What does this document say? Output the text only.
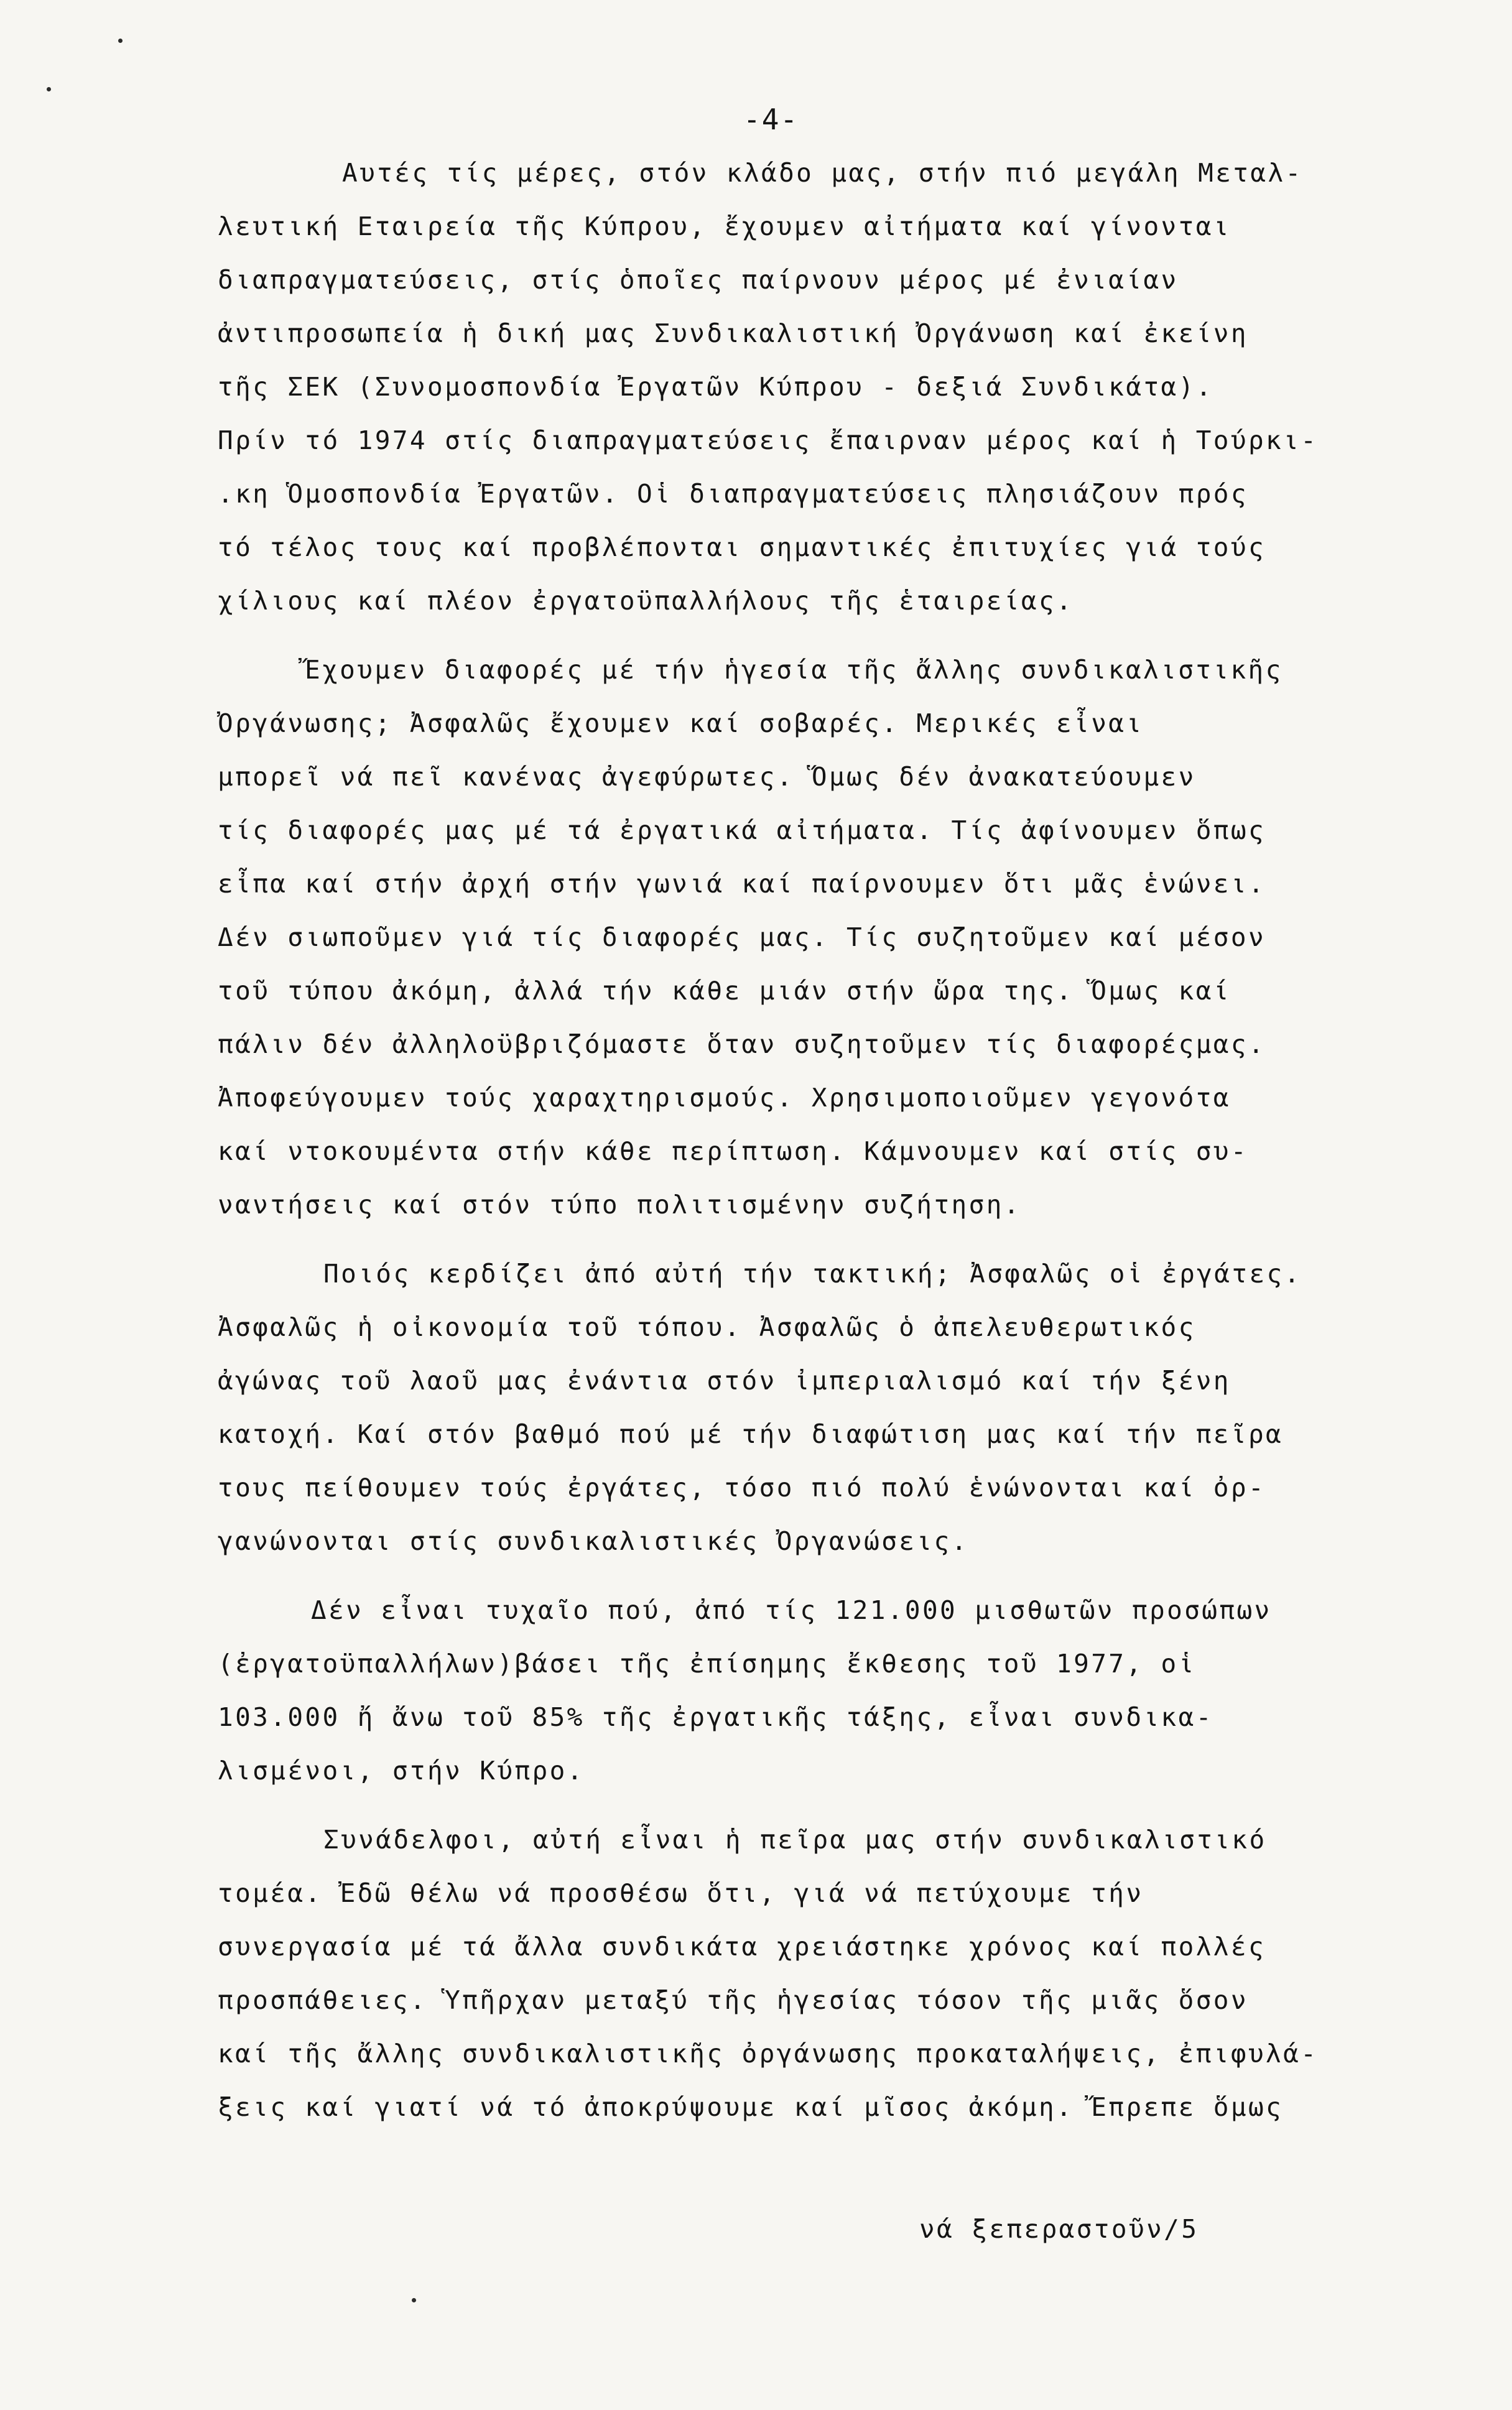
-4-
Αυτές τίς μέρες, στόν κλάδο μας, στήν πιό μεγάλη Μεταλ-
λευτική Εταιρεία τῆς Κύπρου, ἔχουμεν αἰτήματα καί γίνονται
διαπραγματεύσεις, στίς ὁποῖες παίρνουν μέρος μέ ἐνιαίαν
ἀντιπροσωπεία ἡ δική μας Συνδικαλιστική Ὀργάνωση καί ἐκείνη
τῆς ΣΕΚ (Συνομοσπονδία Ἐργατῶν Κύπρου - δεξιά Συνδικάτα).
Πρίν τό 1974 στίς διαπραγματεύσεις ἔπαιρναν μέρος καί ἡ Τούρκι-
.κη Ὁμοσπονδία Ἐργατῶν. Οἱ διαπραγματεύσεις πλησιάζουν πρός
τό τέλος τους καί προβλέπονται σημαντικές ἐπιτυχίες γιά τούς
χίλιους καί πλέον ἐργατοϋπαλλήλους τῆς ἑταιρείας.
Ἔχουμεν διαφορές μέ τήν ἡγεσία τῆς ἄλλης συνδικαλιστικῆς
Ὀργάνωσης; Ἀσφαλῶς ἔχουμεν καί σοβαρές. Μερικές εἶναι
μπορεῖ νά πεῖ κανένας ἀγεφύρωτες. Ὅμως δέν ἀνακατεύουμεν
τίς διαφορές μας μέ τά ἐργατικά αἰτήματα. Τίς ἀφίνουμεν ὅπως
εἶπα καί στήν ἀρχή στήν γωνιά καί παίρνουμεν ὅτι μᾶς ἑνώνει.
Δέν σιωποῦμεν γιά τίς διαφορές μας. Τίς συζητοῦμεν καί μέσον
τοῦ τύπου ἀκόμη, ἀλλά τήν κάθε μιάν στήν ὥρα της. Ὅμως καί
πάλιν δέν ἀλληλοϋβριζόμαστε ὅταν συζητοῦμεν τίς διαφορέςμας.
Ἀποφεύγουμεν τούς χαραχτηρισμούς. Χρησιμοποιοῦμεν γεγονότα
καί ντοκουμέντα στήν κάθε περίπτωση. Κάμνουμεν καί στίς συ-
ναντήσεις καί στόν τύπο πολιτισμένην συζήτηση.
Ποιός κερδίζει ἀπό αὐτή τήν τακτική; Ἀσφαλῶς οἱ ἐργάτες.
Ἀσφαλῶς ἡ οἰκονομία τοῦ τόπου. Ἀσφαλῶς ὁ ἀπελευθερωτικός
ἀγώνας τοῦ λαοῦ μας ἐνάντια στόν ἰμπεριαλισμό καί τήν ξένη
κατοχή. Καί στόν βαθμό πού μέ τήν διαφώτιση μας καί τήν πεῖρα
τους πείθουμεν τούς ἐργάτες, τόσο πιό πολύ ἑνώνονται καί ὀρ-
γανώνονται στίς συνδικαλιστικές Ὀργανώσεις.
Δέν εἶναι τυχαῖο πού, ἀπό τίς 121.000 μισθωτῶν προσώπων
(ἐργατοϋπαλλήλων)βάσει τῆς ἐπίσημης ἔκθεσης τοῦ 1977, οἱ
103.000 ἤ ἄνω τοῦ 85% τῆς ἐργατικῆς τάξης, εἶναι συνδικα-
λισμένοι, στήν Κύπρο.
Συνάδελφοι, αὐτή εἶναι ἡ πεῖρα μας στήν συνδικαλιστικό
τομέα. Ἐδῶ θέλω νά προσθέσω ὅτι, γιά νά πετύχουμε τήν
συνεργασία μέ τά ἄλλα συνδικάτα χρειάστηκε χρόνος καί πολλές
προσπάθειες. Ὑπῆρχαν μεταξύ τῆς ἡγεσίας τόσον τῆς μιᾶς ὅσον
καί τῆς ἄλλης συνδικαλιστικῆς ὀργάνωσης προκαταλήψεις, ἐπιφυλά-
ξεις καί γιατί νά τό ἀποκρύψουμε καί μῖσος ἀκόμη. Ἔπρεπε ὅμως
νά ξεπεραστοῦν/5
